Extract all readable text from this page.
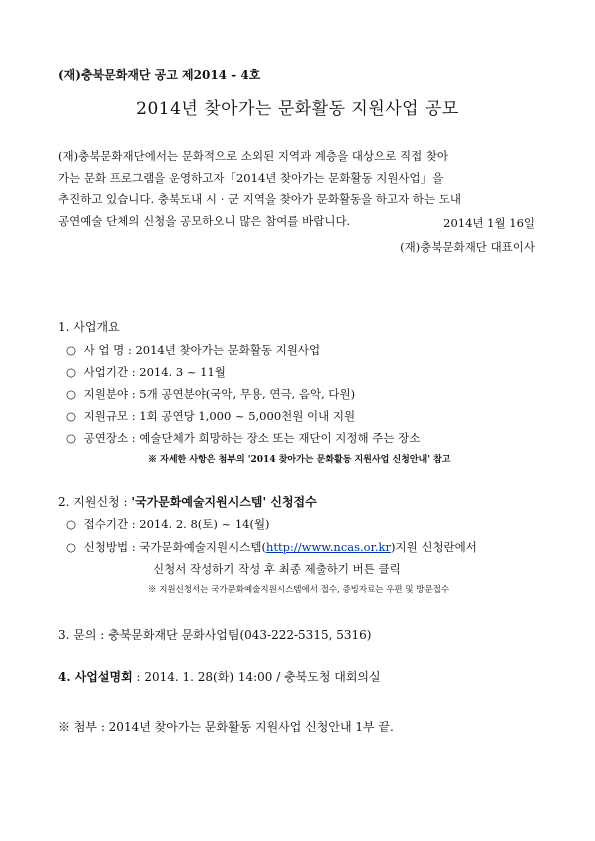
(재)충북문화재단 공고 제2014 - 4호
2014년 찾아가는 문화활동 지원사업 공모

(재)충북문화재단에서는 문화적으로 소외된 지역과 계층을 대상으로 직접 찾아

가는 문화 프로그램을 운영하고자「2014년 찾아가는 문화활동 지원사업」을

추진하고 있습니다. 충북도내 시 · 군 지역을 찾아가 문화활동을 하고자 하는 도내

공연예술 단체의 신청을 공모하오니 많은 참여를 바랍니다.	2014년 1월 16일
(재)충북문화재단 대표이사
1. 사업개요
○ 사 업 명 : 2014년 찾아가는 문화활동 지원사업
○ 사업기간 : 2014. 3 ~ 11월
○ 지원분야 : 5개 공연분야(국악, 무용, 연극, 음악, 다원)
○ 지원규모 : 1회 공연당 1,000 ~ 5,000천원 이내 지원
○ 공연장소 : 예술단체가 희망하는 장소 또는 재단이 지정해 주는 장소
※ 자세한 사항은 첨부의 '2014 찾아가는 문화활동 지원사업 신청안내' 참고
2. 지원신청 : '국가문화예술지원시스템' 신청접수
○ 접수기간 : 2014. 2. 8(토) ~ 14(월)
○ 신청방법 : 국가문화예술지원시스템(http://www.ncas.or.kr)지원 신청란에서
신청서 작성하기 작성 후 최종 제출하기 버튼 클릭
※ 지원신청서는 국가문화예술지원시스템에서 접수, 증빙자료는 우편 및 방문접수
3. 문의 : 충북문화재단 문화사업팀(043-222-5315, 5316)
4. 사업설명회 : 2014. 1. 28(화) 14:00 / 충북도청 대회의실
※ 첨부 : 2014년 찾아가는 문화활동 지원사업 신청안내 1부 끝.
